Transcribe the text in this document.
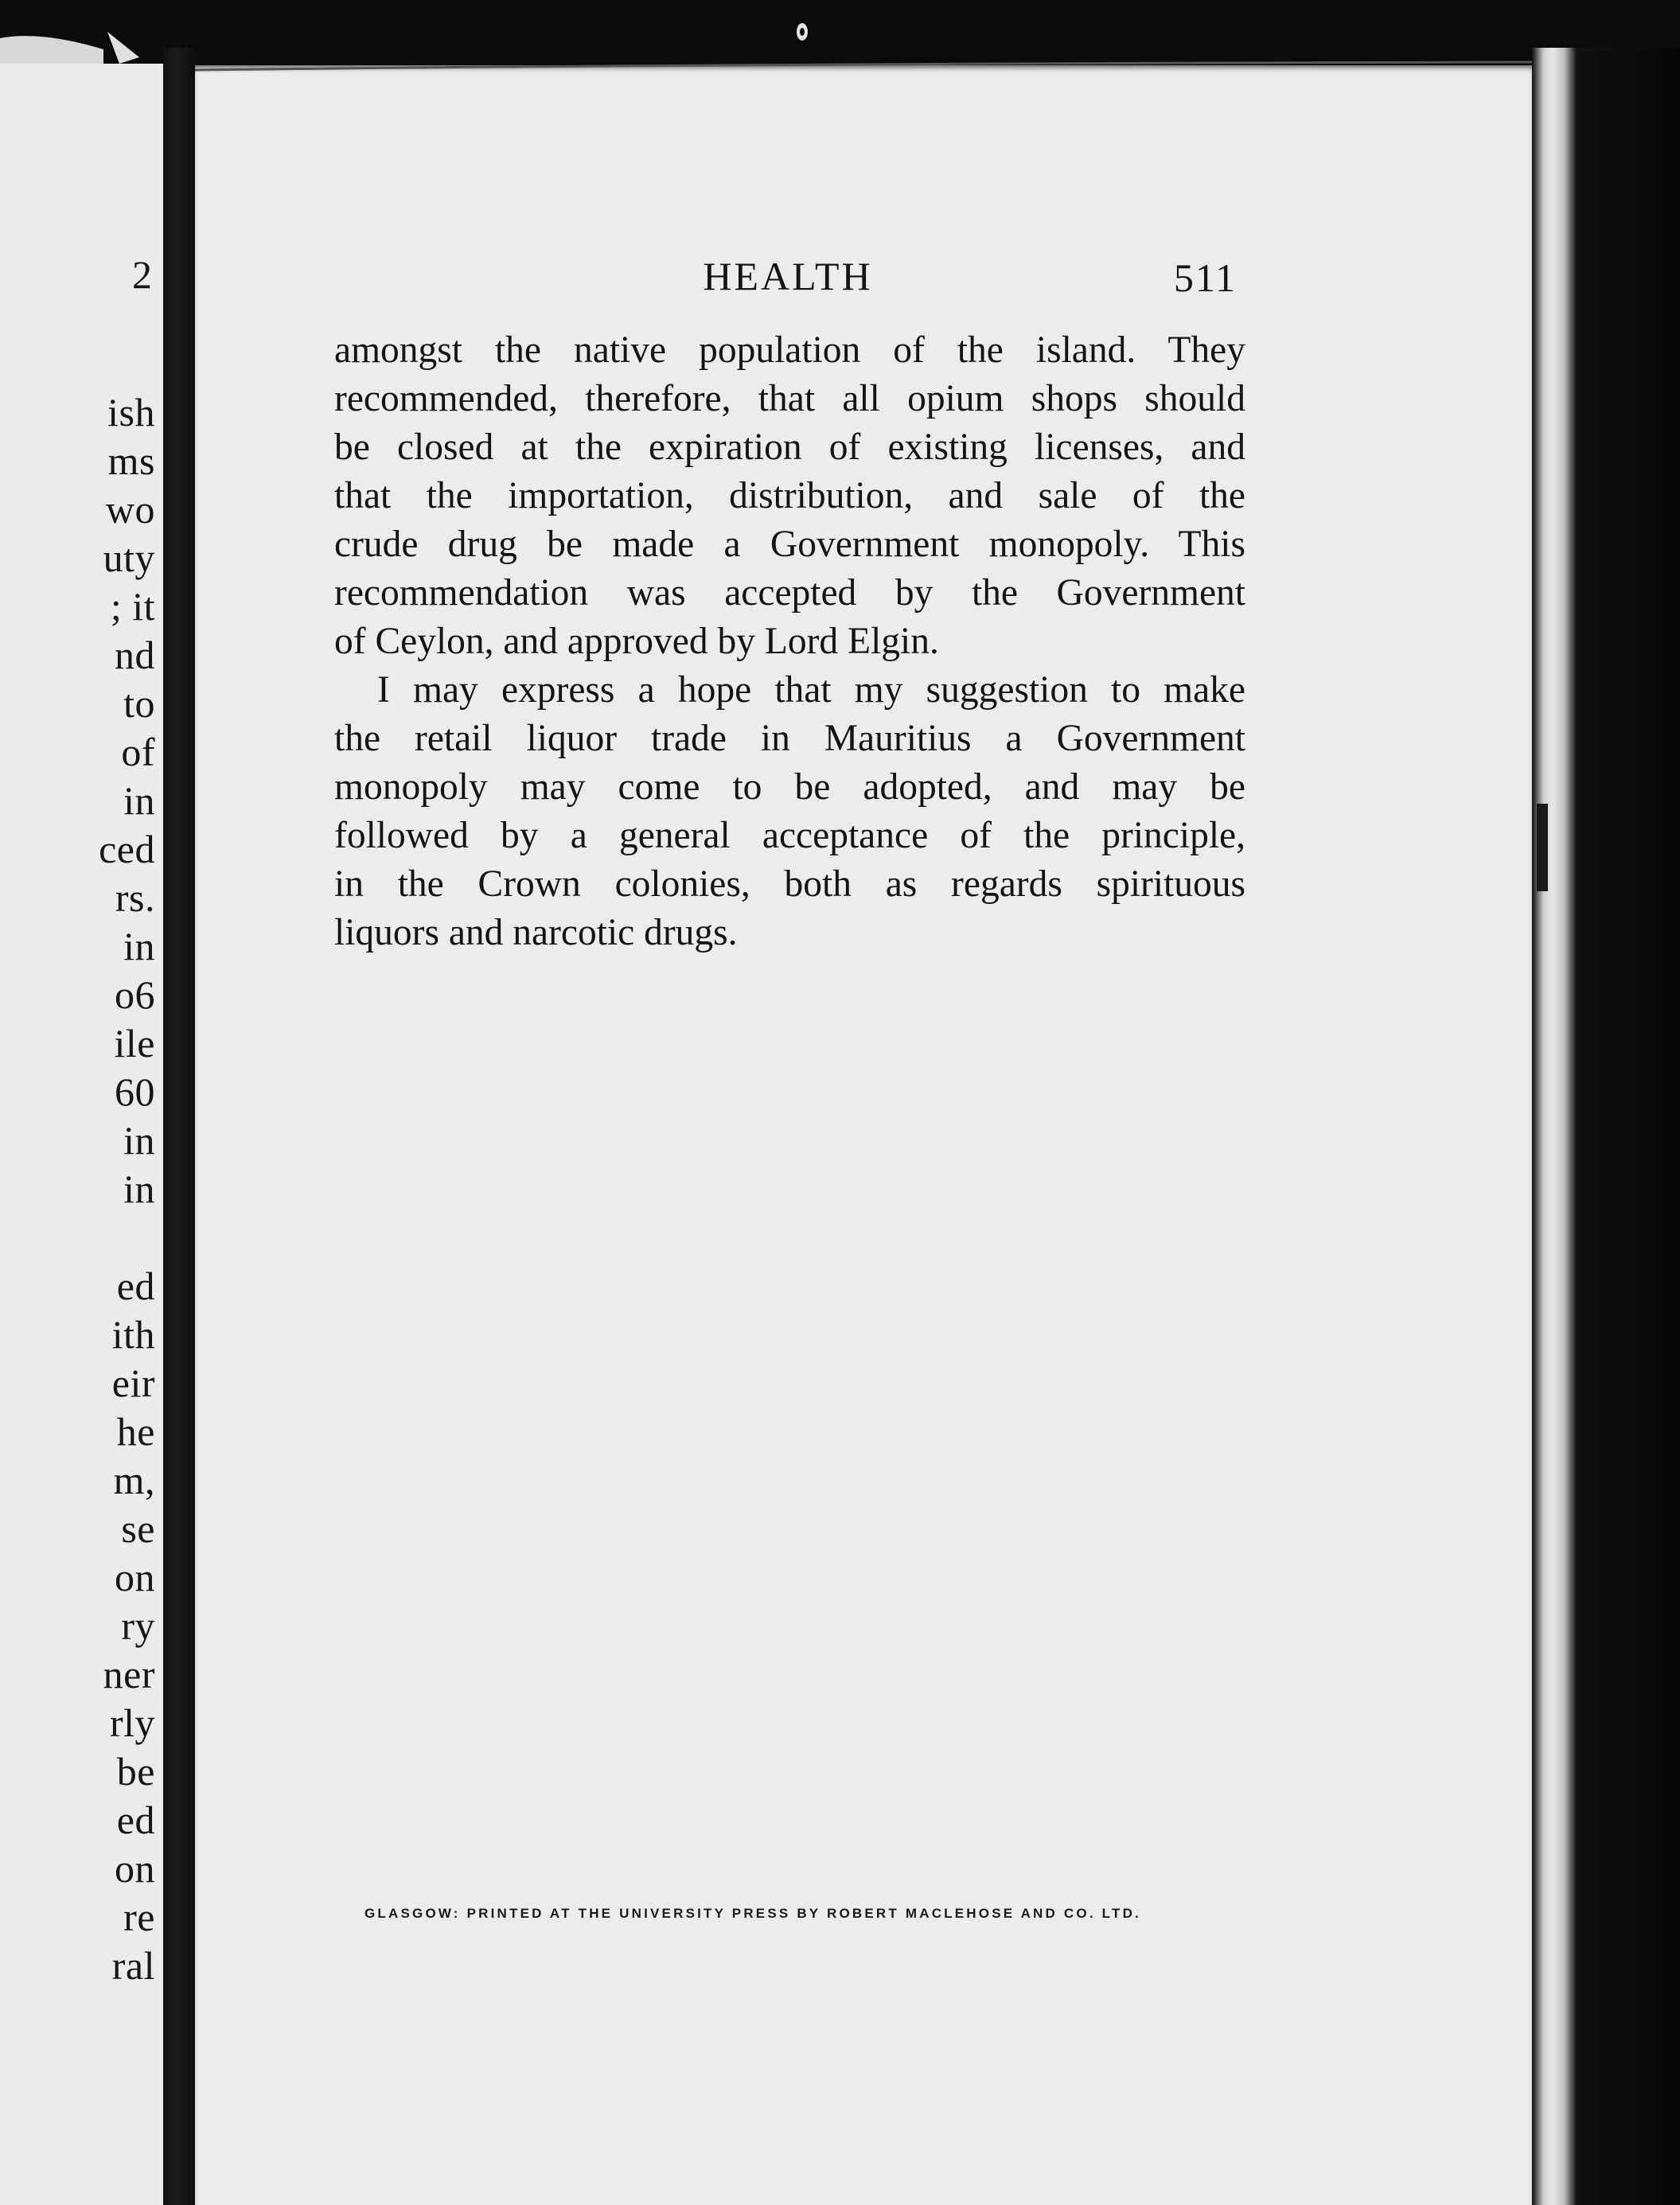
2
ish
ms
wo
uty
; it
nd
to
of
in
ced
rs.
in
o6
ile
60
in
in
ed
ith
eir
he
m,
se
on
ry
ner
rly
be
ed
on
re
ral
HEALTH	511
amongst the native population of the island. They
recommended, therefore, that all opium shops should
be closed at the expiration of existing licenses, and
that the importation, distribution, and sale of the
crude drug be made a Government monopoly. This
recommendation was accepted by the Government
of Ceylon, and approved by Lord Elgin.
I may express a hope that my suggestion to make
the retail liquor trade in Mauritius a Government
monopoly may come to be adopted, and may be
followed by a general acceptance of the principle,
in the Crown colonies, both as regards spirituous
liquors and narcotic drugs.
GLASGOW: PRINTED AT THE UNIVERSITY PRESS BY ROBERT MACLEHOSE AND CO. LTD.
